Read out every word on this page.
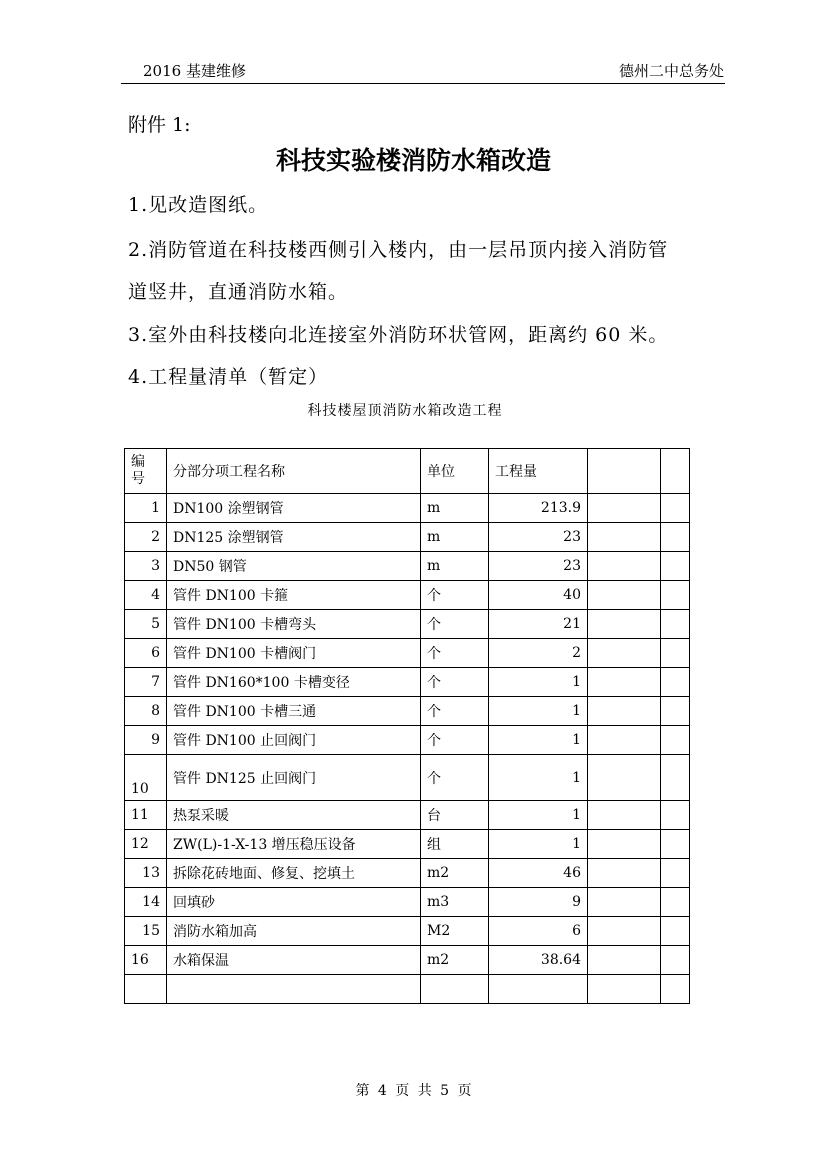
2016 基建维修	德州二中总务处
附件 1:
科技实验楼消防水箱改造
1.见改造图纸。
2.消防管道在科技楼西侧引入楼内，由一层吊顶内接入消防管
道竖井，直通消防水箱。
3.室外由科技楼向北连接室外消防环状管网，距离约 60 米。
4.工程量清单（暂定）
科技楼屋顶消防水箱改造工程
编
号	分部分项工程名称	单位	工程量		
1	DN100 涂塑钢管	m	213.9		
2	DN125 涂塑钢管	m	23		
3	DN50 钢管	m	23		
4	管件 DN100 卡箍	个	40		
5	管件 DN100 卡槽弯头	个	21		
6	管件 DN100 卡槽阀门	个	2		
7	管件 DN160*100 卡槽变径	个	1		
8	管件 DN100 卡槽三通	个	1		
9	管件 DN100 止回阀门	个	1		
10	管件 DN125 止回阀门	个	1		
11	热泵采暖	台	1		
12	ZW(L)-1-X-13 增压稳压设备	组	1		
13	拆除花砖地面、修复、挖填土	m2	46		
14	回填砂	m3	9		
15	消防水箱加高	M2	6		
16	水箱保温	m2	38.64		

第 4 页 共 5 页
